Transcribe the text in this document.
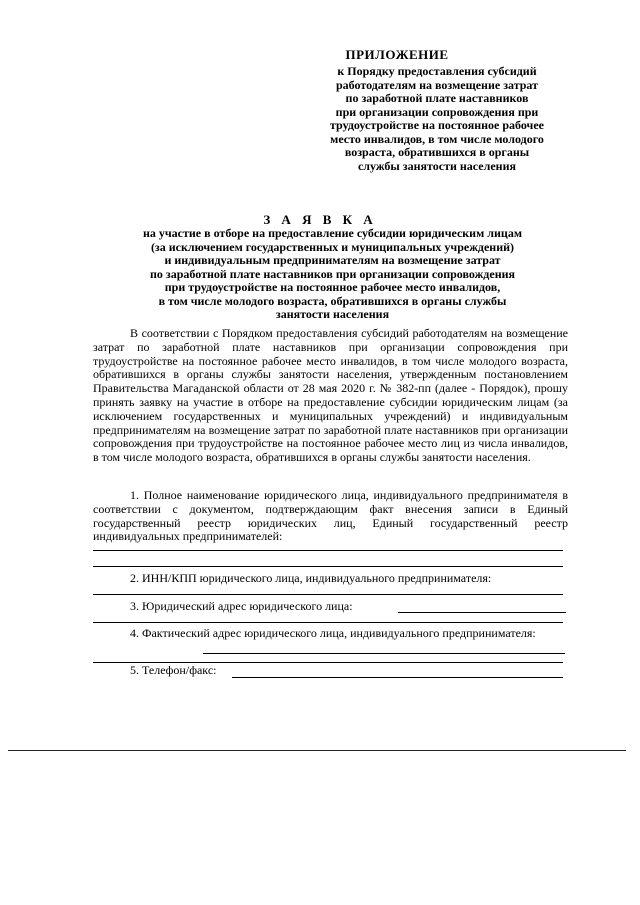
ПРИЛОЖЕНИЕ
к Порядку предоставления субсидий
работодателям на возмещение затрат
по заработной плате наставников
при организации сопровождения при
трудоустройстве на постоянное рабочее
место инвалидов, в том числе молодого
возраста, обратившихся в органы
службы занятости населения
З А Я В К А
на участие в отборе на предоставление субсидии юридическим лицам
(за исключением государственных и муниципальных учреждений)
и индивидуальным предпринимателям на возмещение затрат
по заработной плате наставников при организации сопровождения
при трудоустройстве на постоянное рабочее место инвалидов,
в том числе молодого возраста, обратившихся в органы службы
занятости населения

В соответствии с Порядком предоставления субсидий работодателям на возмещение затрат по заработной плате наставников при организации сопровождения при трудоустройстве на постоянное рабочее место инвалидов, в том числе молодого возраста, обратившихся в органы службы занятости населения, утвержденным постановлением Правительства Магаданской области от 28 мая 2020 г. № 382-пп (далее - Порядок), прошу принять заявку на участие в отборе на предоставление субсидии юридическим лицам (за исключением государственных и муниципальных учреждений) и индивидуальным предпринимателям на возмещение затрат по заработной плате наставников при организации сопровождения при трудоустройстве на постоянное рабочее место лиц из числа инвалидов, в том числе молодого возраста, обратившихся в органы службы занятости населения.

1. Полное наименование юридического лица, индивидуального предпринимателя в соответствии с документом, подтверждающим факт внесения записи в Единый государственный реестр юридических лиц, Единый государственный реестр индивидуальных предпринимателей:

2. ИНН/КПП юридического лица, индивидуального предпринимателя:

3. Юридический адрес юридического лица:

4. Фактический адрес юридического лица, индивидуального предпринимателя:

5. Телефон/факс:
